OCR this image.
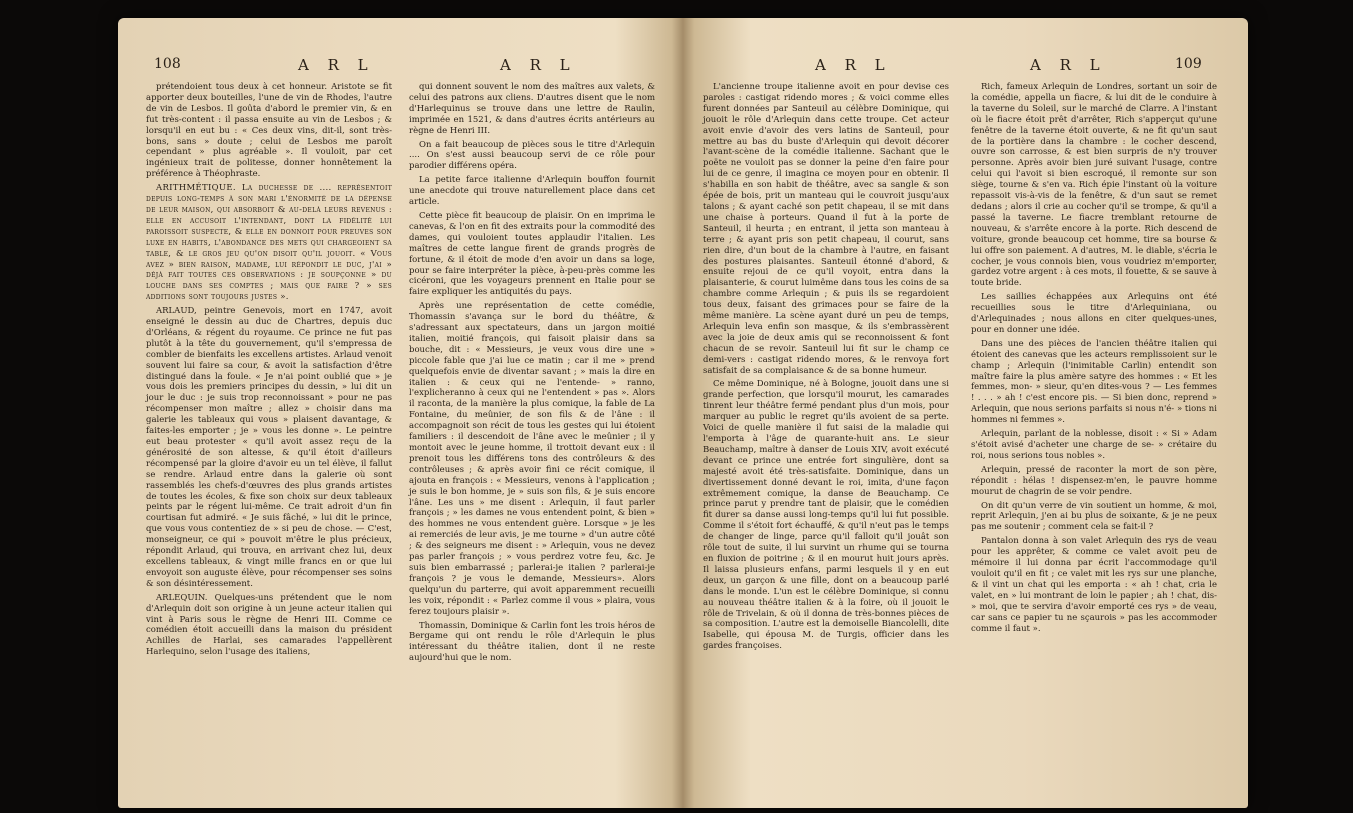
108	A R L	A R L

prétendoient tous deux à cet honneur. Aristote se fit apporter deux bouteilles, l'une de vin de Rhodes, l'autre de vin de Lesbos. Il goûta d'abord le premier vin, & en fut très-content : il passa ensuite au vin de Lesbos ; & lorsqu'il en eut bu : « Ces deux vins, dit-il, sont très-bons, sans » doute ; celui de Lesbos me paroît cependant » plus agréable ». Il vouloit, par cet ingénieux trait de politesse, donner honnêtement la préférence à Théophraste.

ARITHMÉTIQUE. La duchesse de .... représentoit depuis long-temps à son mari l'énormité de la dépense de leur maison, qui absorboit & au-delà leurs revenus : elle en accusoit l'intendant, dont la fidélité lui paroissoit suspecte, & elle en donnoit pour preuves son luxe en habits, l'abondance des mets qui chargeoient sa table, & le gros jeu qu'on disoit qu'il jouoit. « Vous avez » bien raison, madame, lui répondit le duc, j'ai » déjà fait toutes ces observations : je soupçonne » du louche dans ses comptes ; mais que faire ? » ses additions sont toujours justes ».

ARLAUD, peintre Genevois, mort en 1747, avoit enseigné le dessin au duc de Chartres, depuis duc d'Orléans, & régent du royaume. Ce prince ne fut pas plutôt à la tête du gouvernement, qu'il s'empressa de combler de bienfaits les excellens artistes. Arlaud venoit souvent lui faire sa cour, & avoit la satisfaction d'être distingué dans la foule. « Je n'ai point oublié que » je vous dois les premiers principes du dessin, » lui dit un jour le duc : je suis trop reconnoissant » pour ne pas récompenser mon maître ; allez » choisir dans ma galerie les tableaux qui vous » plaisent davantage, & faites-les emporter ; je » vous les donne ». Le peintre eut beau protester « qu'il avoit assez reçu de la générosité de son altesse, & qu'il étoit d'ailleurs récompensé par la gloire d'avoir eu un tel élève, il fallut se rendre. Arlaud entre dans la galerie où sont rassemblés les chefs-d'œuvres des plus grands artistes de toutes les écoles, & fixe son choix sur deux tableaux peints par le régent lui-même. Ce trait adroit d'un fin courtisan fut admiré. « Je suis fâché, » lui dit le prince, que vous vous contentiez de » si peu de chose. — C'est, monseigneur, ce qui » pouvoit m'être le plus précieux, répondit Arlaud, qui trouva, en arrivant chez lui, deux excellens tableaux, & vingt mille francs en or que lui envoyoit son auguste élève, pour récompenser ses soins & son désintéressement.

ARLEQUIN. Quelques-uns prétendent que le nom d'Arlequin doit son origine à un jeune acteur italien qui vint à Paris sous le règne de Henri III. Comme ce comédien étoit accueilli dans la maison du président Achilles de Harlai, ses camarades l'appellèrent Harlequino, selon l'usage des italiens,

qui donnent souvent le nom des maîtres aux valets, & celui des patrons aux cliens. D'autres disent que le nom d'Harlequinus se trouve dans une lettre de Raulin, imprimée en 1521, & dans d'autres écrits antérieurs au règne de Henri III.

On a fait beaucoup de pièces sous le titre d'Arlequin .... On s'est aussi beaucoup servi de ce rôle pour parodier différens opéra.

La petite farce italienne d'Arlequin bouffon fournit une anecdote qui trouve naturellement place dans cet article.

Cette pièce fit beaucoup de plaisir. On en imprima le canevas, & l'on en fit des extraits pour la commodité des dames, qui vouloient toutes applaudir l'italien. Les maîtres de cette langue firent de grands progrès de fortune, & il étoit de mode d'en avoir un dans sa loge, pour se faire interpréter la pièce, à-peu-près comme les cicéroni, que les voyageurs prennent en Italie pour se faire expliquer les antiquités du pays.

Après une représentation de cette comédie, Thomassin s'avança sur le bord du théâtre, & s'adressant aux spectateurs, dans un jargon moitié italien, moitié françois, qui faisoit plaisir dans sa bouche, dit : « Messieurs, je veux vous dire une » piccole fable que j'ai lue ce matin ; car il me » prend quelquefois envie de diventar savant ; » mais la dire en italien : & ceux qui ne l'entende- » ranno, l'explicheranno à ceux qui ne l'entendent » pas ». Alors il raconta, de la manière la plus comique, la fable de La Fontaine, du meûnier, de son fils & de l'âne : il accompagnoit son récit de tous les gestes qui lui étoient familiers : il descendoit de l'âne avec le meûnier ; il y montoit avec le jeune homme, il trottoit devant eux : il prenoit tous les différens tons des contrôleurs & des contrôleuses ; & après avoir fini ce récit comique, il ajouta en françois : « Messieurs, venons à l'application ; je suis le bon homme, je » suis son fils, & je suis encore l'âne. Les uns » me disent : Arlequin, il faut parler françois ; » les dames ne vous entendent point, & bien » des hommes ne vous entendent guère. Lorsque » je les ai remerciés de leur avis, je me tourne » d'un autre côté ; & des seigneurs me disent : » Arlequin, vous ne devez pas parler françois ; » vous perdrez votre feu, &c. Je suis bien embarrassé ; parlerai-je italien ? parlerai-je françois ? je vous le demande, Messieurs». Alors quelqu'un du parterre, qui avoit apparemment recueilli les voix, répondit : « Parlez comme il vous » plaira, vous ferez toujours plaisir ».

Thomassin, Dominique & Carlin font les trois héros de Bergame qui ont rendu le rôle d'Arlequin le plus intéressant du théâtre italien, dont il ne reste aujourd'hui que le nom.

A R L	A R L	109

L'ancienne troupe italienne avoit en pour devise ces paroles : castigat ridendo mores ; & voici comme elles furent données par Santeuil au célèbre Dominique, qui jouoit le rôle d'Arlequin dans cette troupe. Cet acteur avoit envie d'avoir des vers latins de Santeuil, pour mettre au bas du buste d'Arlequin qui devoit décorer l'avant-scène de la comédie italienne. Sachant que le poëte ne vouloit pas se donner la peine d'en faire pour lui de ce genre, il imagina ce moyen pour en obtenir. Il s'habilla en son habit de théâtre, avec sa sangle & son épée de bois, prit un manteau qui le couvroit jusqu'aux talons ; & ayant caché son petit chapeau, il se mit dans une chaise à porteurs. Quand il fut à la porte de Santeuil, il heurta ; en entrant, il jetta son manteau à terre ; & ayant pris son petit chapeau, il courut, sans rien dire, d'un bout de la chambre à l'autre, en faisant des postures plaisantes. Santeuil étonné d'abord, & ensuite rejoui de ce qu'il voyoit, entra dans la plaisanterie, & courut luimême dans tous les coins de sa chambre comme Arlequin ; & puis ils se regardoient tous deux, faisant des grimaces pour se faire de la même manière. La scène ayant duré un peu de temps, Arlequin leva enfin son masque, & ils s'embrassèrent avec la joie de deux amis qui se reconnoissent & font chacun de se revoir. Santeuil lui fit sur le champ ce demi-vers : castigat ridendo mores, & le renvoya fort satisfait de sa complaisance & de sa bonne humeur.

Ce même Dominique, né à Bologne, jouoit dans une si grande perfection, que lorsqu'il mourut, les camarades tinrent leur théâtre fermé pendant plus d'un mois, pour marquer au public le regret qu'ils avoient de sa perte. Voici de quelle manière il fut saisi de la maladie qui l'emporta à l'âge de quarante-huit ans. Le sieur Beauchamp, maître à danser de Louis XIV, avoit exécuté devant ce prince une entrée fort singulière, dont sa majesté avoit été très-satisfaite. Dominique, dans un divertissement donné devant le roi, imita, d'une façon extrêmement comique, la danse de Beauchamp. Ce prince parut y prendre tant de plaisir, que le comédien fit durer sa danse aussi long-temps qu'il lui fut possible. Comme il s'étoit fort échauffé, & qu'il n'eut pas le temps de changer de linge, parce qu'il falloit qu'il jouât son rôle tout de suite, il lui survint un rhume qui se tourna en fluxion de poitrine ; & il en mourut huit jours après. Il laissa plusieurs enfans, parmi lesquels il y en eut deux, un garçon & une fille, dont on a beaucoup parlé dans le monde. L'un est le célèbre Dominique, si connu au nouveau théâtre italien & à la foire, où il jouoit le rôle de Trivelain, & où il donna de très-bonnes pièces de sa composition. L'autre est la demoiselle Biancolelli, dite Isabelle, qui épousa M. de Turgis, officier dans les gardes françoises.

Rich, fameux Arlequin de Londres, sortant un soir de la comédie, appella un fiacre, & lui dit de le conduire à la taverne du Soleil, sur le marché de Clarre. A l'instant où le fiacre étoit prêt d'arrêter, Rich s'apperçut qu'une fenêtre de la taverne étoit ouverte, & ne fit qu'un saut de la portière dans la chambre : le cocher descend, ouvre son carrosse, & est bien surpris de n'y trouver personne. Après avoir bien juré suivant l'usage, contre celui qui l'avoit si bien escroqué, il remonte sur son siège, tourne & s'en va. Rich épie l'instant où la voiture repassoit vis-à-vis de la fenêtre, & d'un saut se remet dedans ; alors il crie au cocher qu'il se trompe, & qu'il a passé la taverne. Le fiacre tremblant retourne de nouveau, & s'arrête encore à la porte. Rich descend de voiture, gronde beaucoup cet homme, tire sa bourse & lui offre son paiement. A d'autres, M. le diable, s'écria le cocher, je vous connois bien, vous voudriez m'emporter, gardez votre argent : à ces mots, il fouette, & se sauve à toute bride.

Les saillies échappées aux Arlequins ont été recueillies sous le titre d'Arlequiniana, ou d'Arlequinades ; nous allons en citer quelques-unes, pour en donner une idée.

Dans une des pièces de l'ancien théâtre italien qui étoient des canevas que les acteurs remplissoient sur le champ ; Arlequin (l'inimitable Carlin) entendit son maître faire la plus amère satyre des hommes : « Et les femmes, mon- » sieur, qu'en dites-vous ? — Les femmes ! . . . » ah ! c'est encore pis. — Si bien donc, reprend » Arlequin, que nous serions parfaits si nous n'é- » tions ni hommes ni femmes ».

Arlequin, parlant de la noblesse, disoit : « Si » Adam s'étoit avisé d'acheter une charge de se- » crétaire du roi, nous serions tous nobles ».

Arlequin, pressé de raconter la mort de son père, répondit : hélas ! dispensez-m'en, le pauvre homme mourut de chagrin de se voir pendre.

On dit qu'un verre de vin soutient un homme, & moi, reprit Arlequin, j'en ai bu plus de soixante, & je ne peux pas me soutenir ; comment cela se fait-il ?

Pantalon donna à son valet Arlequin des rys de veau pour les apprêter, & comme ce valet avoit peu de mémoire il lui donna par écrit l'accommodage qu'il vouloit qu'il en fit ; ce valet mit les rys sur une planche, & il vint un chat qui les emporta : « ah ! chat, cria le valet, en » lui montrant de loin le papier ; ah ! chat, dis- » moi, que te servira d'avoir emporté ces rys » de veau, car sans ce papier tu ne sçaurois » pas les accommoder comme il faut ».
